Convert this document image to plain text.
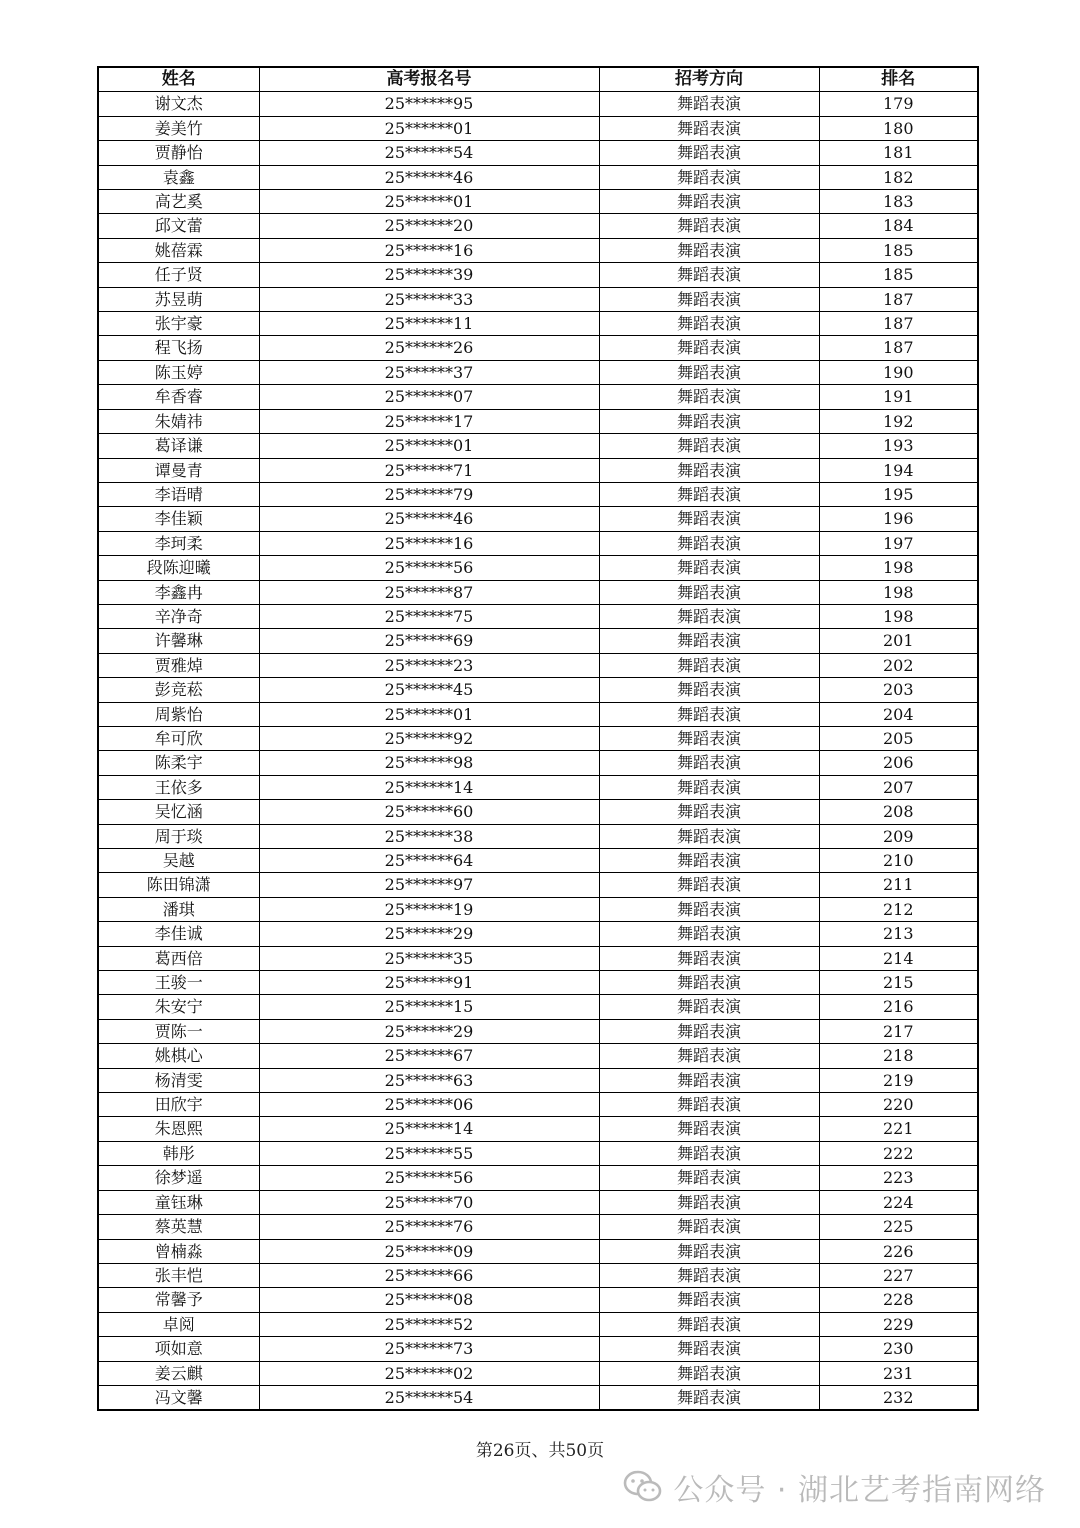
姓名	高考报名号	招考方向	排名
谢文杰	25******95	舞蹈表演	179
姜美竹	25******01	舞蹈表演	180
贾静怡	25******54	舞蹈表演	181
袁鑫	25******46	舞蹈表演	182
高艺奚	25******01	舞蹈表演	183
邱文蕾	25******20	舞蹈表演	184
姚蓓霖	25******16	舞蹈表演	185
任子贤	25******39	舞蹈表演	185
苏昱萌	25******33	舞蹈表演	187
张宇豪	25******11	舞蹈表演	187
程飞扬	25******26	舞蹈表演	187
陈玉婷	25******37	舞蹈表演	190
牟香睿	25******07	舞蹈表演	191
朱婧祎	25******17	舞蹈表演	192
葛译谦	25******01	舞蹈表演	193
谭曼青	25******71	舞蹈表演	194
李语晴	25******79	舞蹈表演	195
李佳颖	25******46	舞蹈表演	196
李珂柔	25******16	舞蹈表演	197
段陈迎曦	25******56	舞蹈表演	198
李鑫冉	25******87	舞蹈表演	198
辛净奇	25******75	舞蹈表演	198
许馨琳	25******69	舞蹈表演	201
贾雅焯	25******23	舞蹈表演	202
彭竞菘	25******45	舞蹈表演	203
周紫怡	25******01	舞蹈表演	204
牟可欣	25******92	舞蹈表演	205
陈柔宇	25******98	舞蹈表演	206
王依多	25******14	舞蹈表演	207
吴忆涵	25******60	舞蹈表演	208
周于琰	25******38	舞蹈表演	209
吴越	25******64	舞蹈表演	210
陈田锦潇	25******97	舞蹈表演	211
潘琪	25******19	舞蹈表演	212
李佳诚	25******29	舞蹈表演	213
葛西倍	25******35	舞蹈表演	214
王骏一	25******91	舞蹈表演	215
朱安宁	25******15	舞蹈表演	216
贾陈一	25******29	舞蹈表演	217
姚棋心	25******67	舞蹈表演	218
杨清雯	25******63	舞蹈表演	219
田欣宇	25******06	舞蹈表演	220
朱恩熙	25******14	舞蹈表演	221
韩彤	25******55	舞蹈表演	222
徐梦遥	25******56	舞蹈表演	223
童钰琳	25******70	舞蹈表演	224
蔡英慧	25******76	舞蹈表演	225
曾楠淼	25******09	舞蹈表演	226
张丰恺	25******66	舞蹈表演	227
常馨予	25******08	舞蹈表演	228
卓阅	25******52	舞蹈表演	229
项如意	25******73	舞蹈表演	230
姜云麒	25******02	舞蹈表演	231
冯文馨	25******54	舞蹈表演	232
第26页、共50页
公众号 · 湖北艺考指南网络
